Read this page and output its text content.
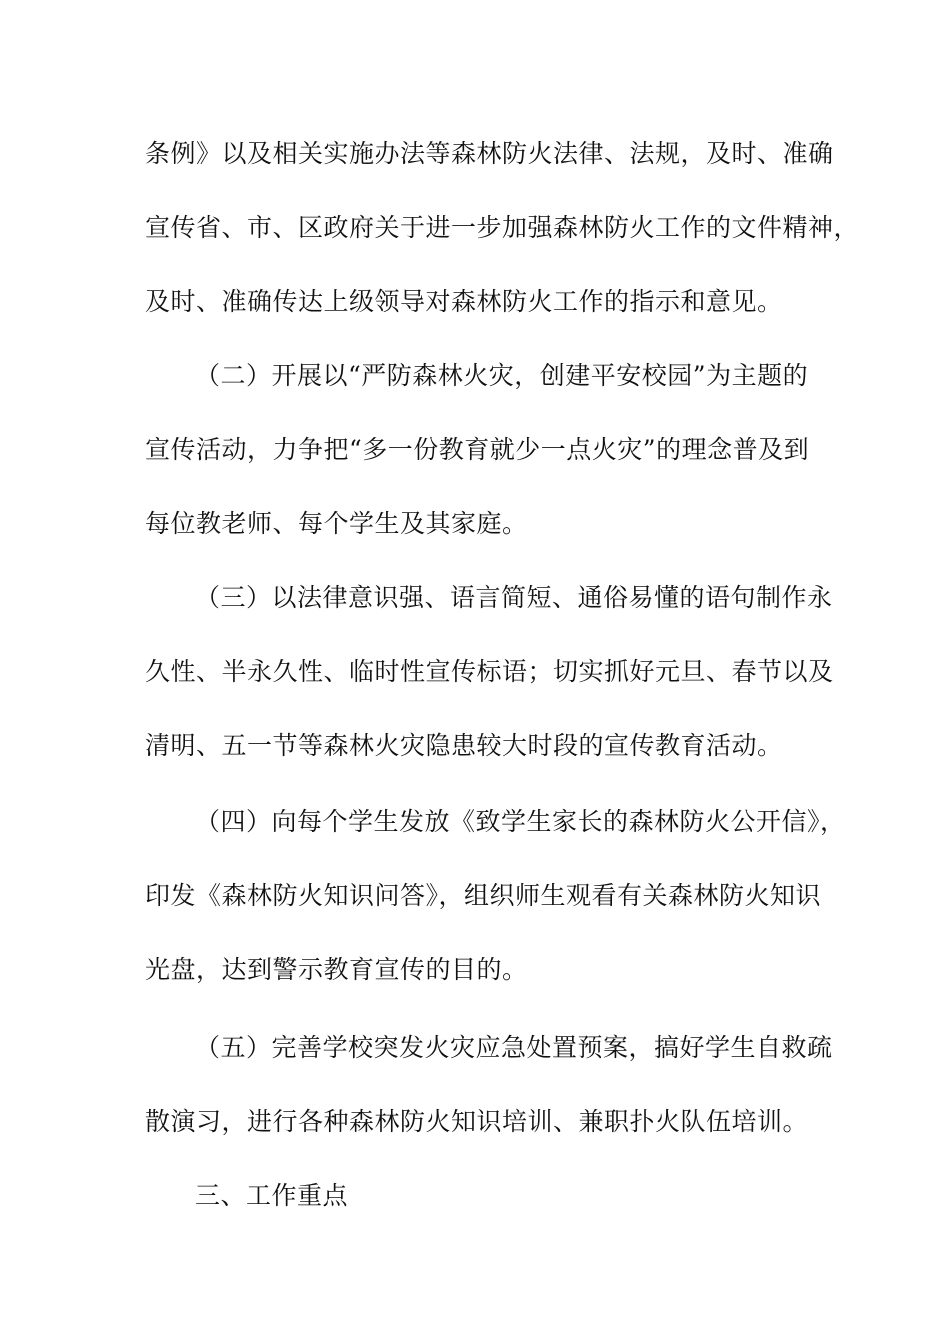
条例》以及相关实施办法等森林防火法律、法规，及时、准确
宣传省、市、区政府关于进一步加强森林防火工作的文件精神，
及时、准确传达上级领导对森林防火工作的指示和意见。
（二）开展以“严防森林火灾，创建平安校园”为主题的
宣传活动，力争把“多一份教育就少一点火灾”的理念普及到
每位教老师、每个学生及其家庭。
（三）以法律意识强、语言简短、通俗易懂的语句制作永
久性、半永久性、临时性宣传标语；切实抓好元旦、春节以及
清明、五一节等森林火灾隐患较大时段的宣传教育活动。
（四）向每个学生发放《致学生家长的森林防火公开信》，
印发《森林防火知识问答》，组织师生观看有关森林防火知识
光盘，达到警示教育宣传的目的。
（五）完善学校突发火灾应急处置预案，搞好学生自救疏
散演习，进行各种森林防火知识培训、兼职扑火队伍培训。
三、工作重点
